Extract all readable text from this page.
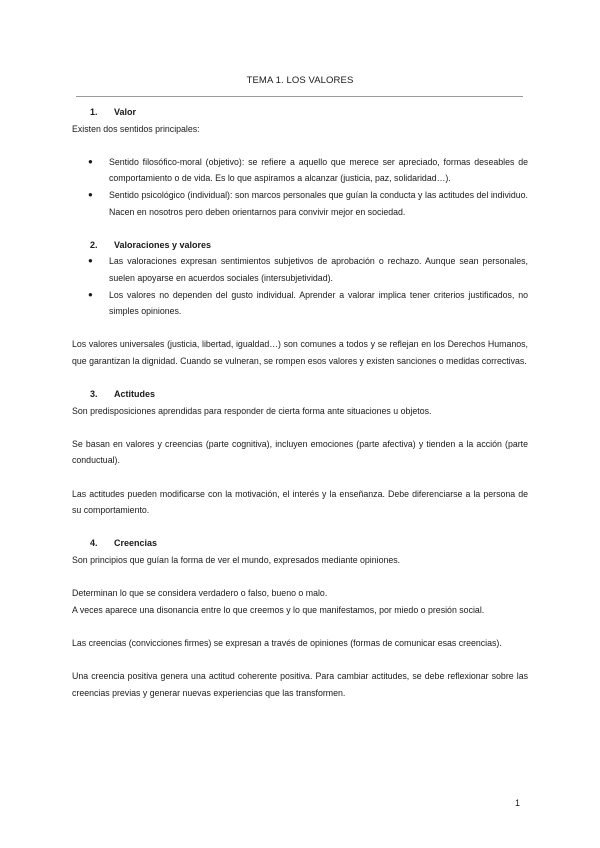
TEMA 1. LOS VALORES
1.	Valor

Existen dos sentidos principales:

● Sentido filosófico-moral (objetivo): se refiere a aquello que merece ser apreciado, formas deseables de comportamiento o de vida. Es lo que aspiramos a alcanzar (justicia, paz, solidaridad…).
● Sentido psicológico (individual): son marcos personales que guían la conducta y las actitudes del individuo. Nacen en nosotros pero deben orientarnos para convivir mejor en sociedad.
2.	Valoraciones y valores
● Las valoraciones expresan sentimientos subjetivos de aprobación o rechazo. Aunque sean personales, suelen apoyarse en acuerdos sociales (intersubjetividad).
● Los valores no dependen del gusto individual. Aprender a valorar implica tener criterios justificados, no simples opiniones.

Los valores universales (justicia, libertad, igualdad…) son comunes a todos y se reflejan en los Derechos Humanos, que garantizan la dignidad. Cuando se vulneran, se rompen esos valores y existen sanciones o medidas correctivas.

3.	Actitudes

Son predisposiciones aprendidas para responder de cierta forma ante situaciones u objetos.

Se basan en valores y creencias (parte cognitiva), incluyen emociones (parte afectiva) y tienden a la acción (parte conductual).

Las actitudes pueden modificarse con la motivación, el interés y la enseñanza. Debe diferenciarse a la persona de su comportamiento.

4.	Creencias

Son principios que guían la forma de ver el mundo, expresados mediante opiniones.

Determinan lo que se considera verdadero o falso, bueno o malo.

A veces aparece una disonancia entre lo que creemos y lo que manifestamos, por miedo o presión social.

Las creencias (convicciones firmes) se expresan a través de opiniones (formas de comunicar esas creencias).

Una creencia positiva genera una actitud coherente positiva. Para cambiar actitudes, se debe reflexionar sobre las creencias previas y generar nuevas experiencias que las transformen.

1
